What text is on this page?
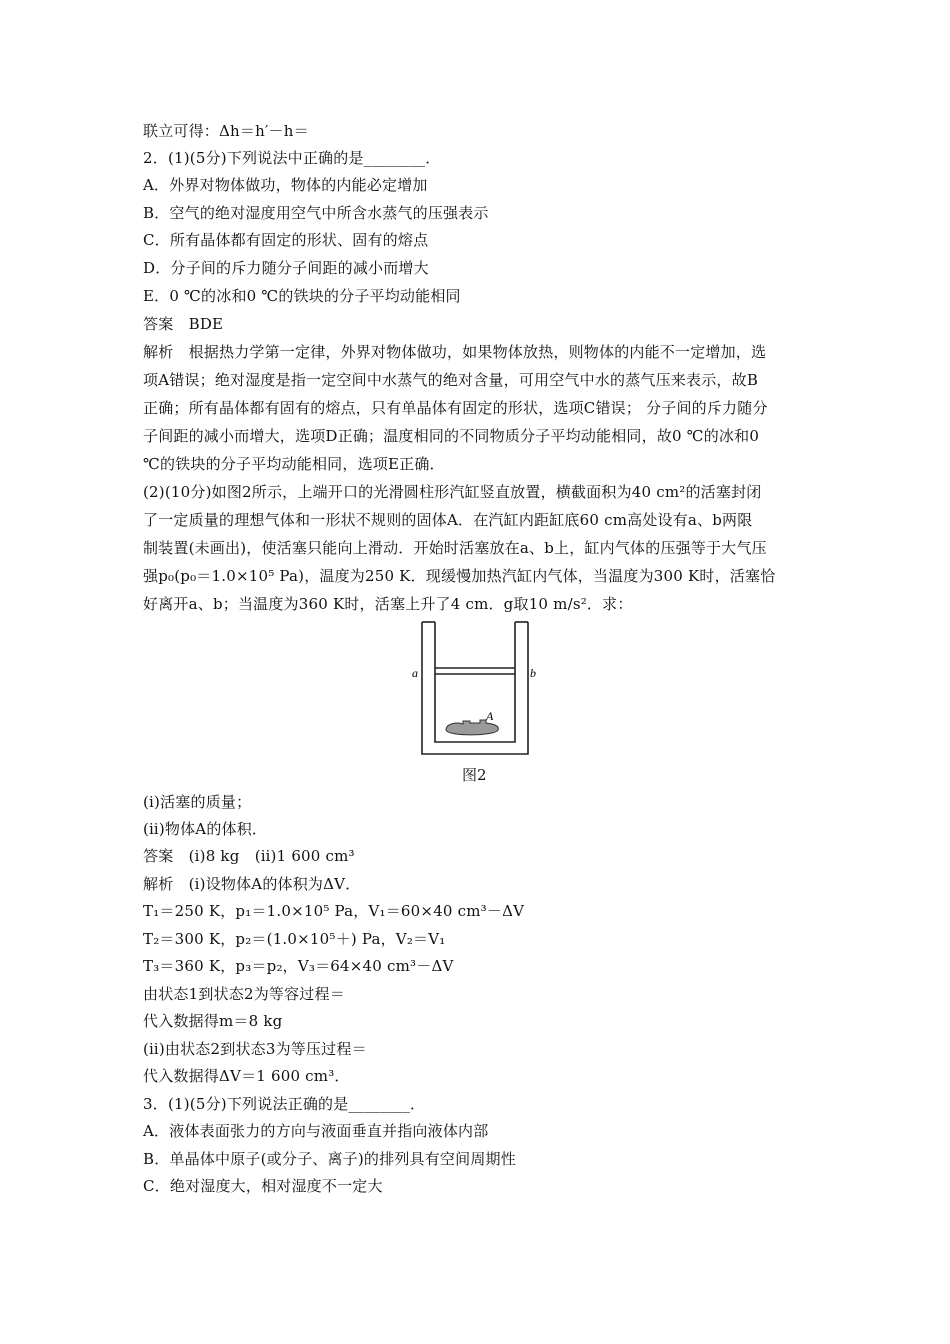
联立可得：Δh＝h′－h＝
2．(1)(5分)下列说法中正确的是________．
A．外界对物体做功，物体的内能必定增加
B．空气的绝对湿度用空气中所含水蒸气的压强表示
C．所有晶体都有固定的形状、固有的熔点
D．分子间的斥力随分子间距的减小而增大
E．0 ℃的冰和0 ℃的铁块的分子平均动能相同
答案　BDE
解析　根据热力学第一定律，外界对物体做功，如果物体放热，则物体的内能不一定增加，选
项A错误；绝对湿度是指一定空间中水蒸气的绝对含量，可用空气中水的蒸气压来表示，故B
正确；所有晶体都有固有的熔点，只有单晶体有固定的形状，选项C错误； 分子间的斥力随分
子间距的减小而增大，选项D正确；温度相同的不同物质分子平均动能相同，故0 ℃的冰和0
℃的铁块的分子平均动能相同，选项E正确．
(2)(10分)如图2所示，上端开口的光滑圆柱形汽缸竖直放置，横截面积为40 cm²的活塞封闭
了一定质量的理想气体和一形状不规则的固体A．在汽缸内距缸底60 cm高处设有a、b两限
制装置(未画出)，使活塞只能向上滑动．开始时活塞放在a、b上，缸内气体的压强等于大气压
强p₀(p₀＝1.0×10⁵ Pa)，温度为250 K．现缓慢加热汽缸内气体，当温度为300 K时，活塞恰
好离开a、b；当温度为360 K时，活塞上升了4 cm．g取10 m/s²．求：
a	b
A
图2
(ⅰ)活塞的质量；
(ⅱ)物体A的体积．
答案　(ⅰ)8 kg　(ⅱ)1 600 cm³
解析　(ⅰ)设物体A的体积为ΔV．
T₁＝250 K，p₁＝1.0×10⁵ Pa，V₁＝60×40 cm³－ΔV
T₂＝300 K，p₂＝(1.0×10⁵＋) Pa，V₂＝V₁
T₃＝360 K，p₃＝p₂，V₃＝64×40 cm³－ΔV
由状态1到状态2为等容过程＝
代入数据得m＝8 kg
(ⅱ)由状态2到状态3为等压过程＝
代入数据得ΔV＝1 600 cm³．
3．(1)(5分)下列说法正确的是________．
A．液体表面张力的方向与液面垂直并指向液体内部
B．单晶体中原子(或分子、离子)的排列具有空间周期性
C．绝对湿度大，相对湿度不一定大
